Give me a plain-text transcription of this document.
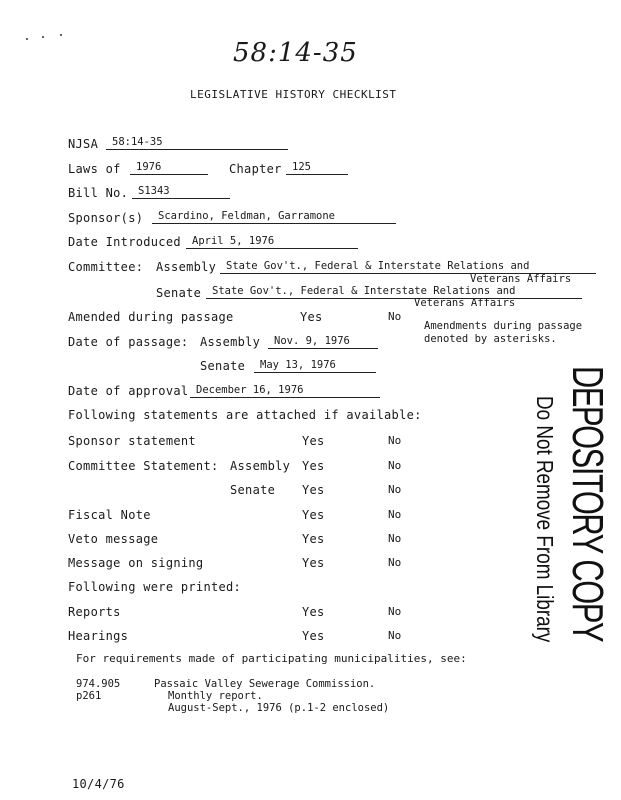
58:14-35
LEGISLATIVE HISTORY CHECKLIST
NJSA	58:14-35
Laws of	1976	Chapter 125
Bill No. S1343
Sponsor(s)	Scardino, Feldman, Garramone
Date Introduced	April 5, 1976
Committee: Assembly State Gov't., Federal & Interstate Relations and
Veterans Affairs
Senate	State Gov't., Federal & Interstate Relations and
Veterans Affairs
Amended during passage	Yes	No
Amendments during passage
denoted by asterisks.
Date of passage: Assembly	Nov. 9, 1976
Senate	May 13, 1976
Date of approval December 16, 1976
Following statements are attached if available:
Sponsor statement	Yes	No
Committee Statement: Assembly Yes	No
Senate Yes	No
Fiscal Note	Yes	No
Veto message	Yes	No
Message on signing	Yes	No
Following were printed:
Reports	Yes	No
Hearings	Yes	No
For requirements made of participating municipalities, see:
974.905
p261
Passaic Valley Sewerage Commission.
Monthly report.
August-Sept., 1976 (p.1-2 enclosed)
10/4/76
DEPOSITORY COPY
Do Not Remove From Library
